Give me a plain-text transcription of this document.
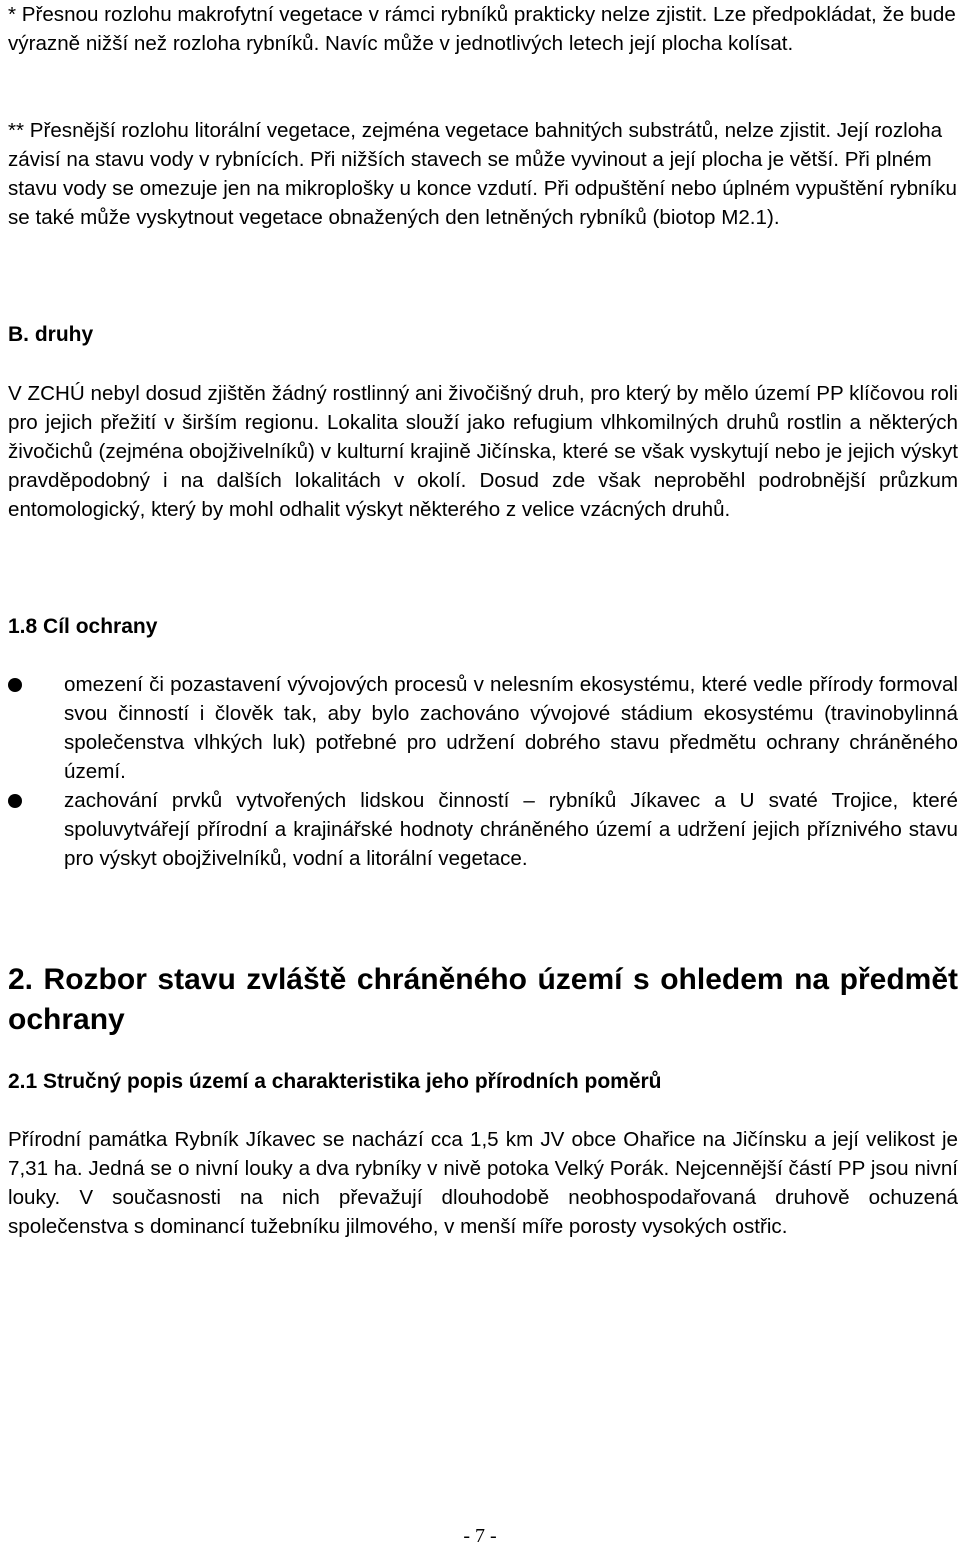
* Přesnou rozlohu makrofytní vegetace v rámci rybníků prakticky nelze zjistit. Lze předpokládat, že bude výrazně nižší než rozloha rybníků. Navíc může v jednotlivých letech její plocha kolísat.

** Přesnější rozlohu litorální vegetace, zejména vegetace bahnitých substrátů, nelze zjistit. Její rozloha závisí na stavu vody v rybnících. Při nižších stavech se může vyvinout a její plocha je větší. Při plném stavu vody se omezuje jen na mikroplošky u konce vzdutí. Při odpuštění nebo úplném vypuštění rybníku se také může vyskytnout vegetace obnažených den letněných rybníků (biotop M2.1).

B. druhy

V ZCHÚ nebyl dosud zjištěn žádný rostlinný ani živočišný druh, pro který by mělo území PP klíčovou roli pro jejich přežití v širším regionu. Lokalita slouží jako refugium vlhkomilných druhů rostlin a některých živočichů (zejména obojživelníků) v kulturní krajině Jičínska, které se však vyskytují nebo je jejich výskyt pravděpodobný i na dalších lokalitách v okolí. Dosud zde však neproběhl podrobnější průzkum entomologický, který by mohl odhalit výskyt některého z velice vzácných druhů.

1.8 Cíl ochrany

omezení či pozastavení vývojových procesů v nelesním ekosystému, které vedle přírody formoval svou činností i člověk tak, aby bylo zachováno vývojové stádium ekosystému (travinobylinná společenstva vlhkých luk) potřebné pro udržení dobrého stavu předmětu ochrany chráněného území.

zachování prvků vytvořených lidskou činností – rybníků Jíkavec a U svaté Trojice, které spoluvytvářejí přírodní a krajinářské hodnoty chráněného území a udržení jejich příznivého stavu pro výskyt obojživelníků, vodní a litorální vegetace.

2. Rozbor stavu zvláště chráněného území s ohledem na předmět ochrany

2.1 Stručný popis území a charakteristika jeho přírodních poměrů

Přírodní památka Rybník Jíkavec se nachází cca 1,5 km JV obce Ohařice na Jičínsku a její velikost je 7,31 ha. Jedná se o nivní louky a dva rybníky v nivě potoka Velký Porák. Nejcennější částí PP jsou nivní louky. V současnosti na nich převažují dlouhodobě neobhospodařovaná druhově ochuzená společenstva s dominancí tužebníku jilmového, v menší míře porosty vysokých ostřic.

- 7 -
